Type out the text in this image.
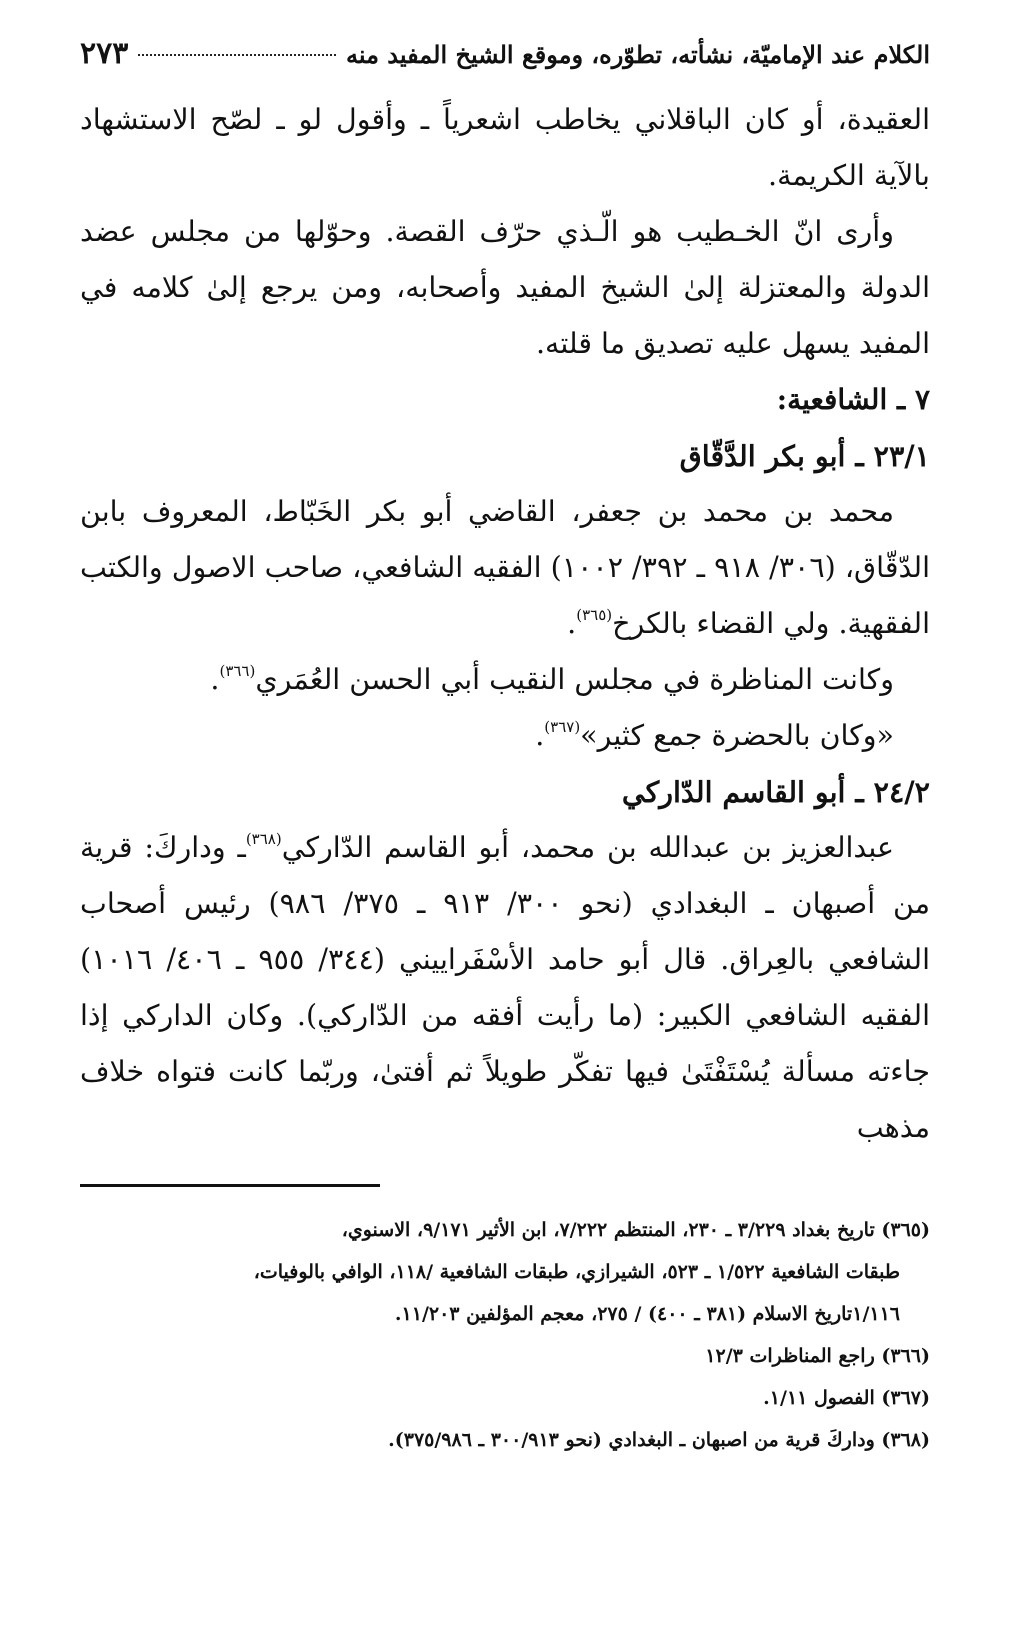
الكلام عند الإماميّة، نشأته، تطوّره، وموقع الشيخ المفيد منه
٢٧٣

العقيدة، أو كان الباقلاني يخاطب اشعرياً ـ وأقول لو ـ لصّح الاستشهاد بالآية الكريمة.

وأرى انّ الخـطيب هو الّـذي حرّف القصة. وحوّلها من مجلس عضد الدولة والمعتزلة إلىٰ الشيخ المفيد وأصحابه، ومن يرجع إلىٰ كلامه في المفيد يسهل عليه تصديق ما قلته.

٧ ـ الشافعية:

٢٣/١ ـ أبو بكر الدَّقّاق

محمد بن محمد بن جعفر، القاضي أبو بكر الخَبّاط، المعروف بابن الدّقّاق، (٣٠٦/ ٩١٨ ـ ٣٩٢/ ١٠٠٢) الفقيه الشافعي، صاحب الاصول والكتب الفقهية. ولي القضاء بالكرخ$^{(٣٦٥)}$.

وكانت المناظرة في مجلس النقيب أبي الحسن العُمَري$^{(٣٦٦)}$.

«وكان بالحضرة جمع كثير»$^{(٣٦٧)}$.

٢٤/٢ ـ أبو القاسم الدّاركي

عبدالعزيز بن عبدالله بن محمد، أبو القاسم الدّاركي$^{(٣٦٨)}$ـ وداركَ: قرية من أصبهان ـ البغدادي (نحو ٣٠٠/ ٩١٣ ـ ٣٧٥/ ٩٨٦) رئيس أصحاب الشافعي بالعِراق. قال أبو حامد الأسْفَراييني (٣٤٤/ ٩٥٥ ـ ٤٠٦/ ١٠١٦) الفقيه الشافعي الكبير: (ما رأيت أفقه من الدّاركي). وكان الداركي إذا جاءته مسألة يُسْتَفْتَىٰ فيها تفكّر طويلاً ثم أفتىٰ، وربّما كانت فتواه خلاف مذهب

(٣٦٥) تاريخ بغداد ٣/٢٢٩ ـ ٢٣٠، المنتظم ٧/٢٢٢، ابن الأثير ٩/١٧١، الاسنوي،

طبقات الشافعية ١/٥٢٢ ـ ٥٢٣، الشيرازي، طبقات الشافعية /١١٨، الوافي بالوفيات،

١/١١٦تاريخ الاسلام (٣٨١ ـ ٤٠٠) / ٢٧٥، معجم المؤلفين ١١/٢٠٣.

(٣٦٦) راجع المناظرات ١٢/٣

(٣٦٧) الفصول ١/١١.

(٣٦٨) وداركَ قرية من اصبهان ـ البغدادي (نحو ٣٠٠/٩١٣ ـ ٣٧٥/٩٨٦).
